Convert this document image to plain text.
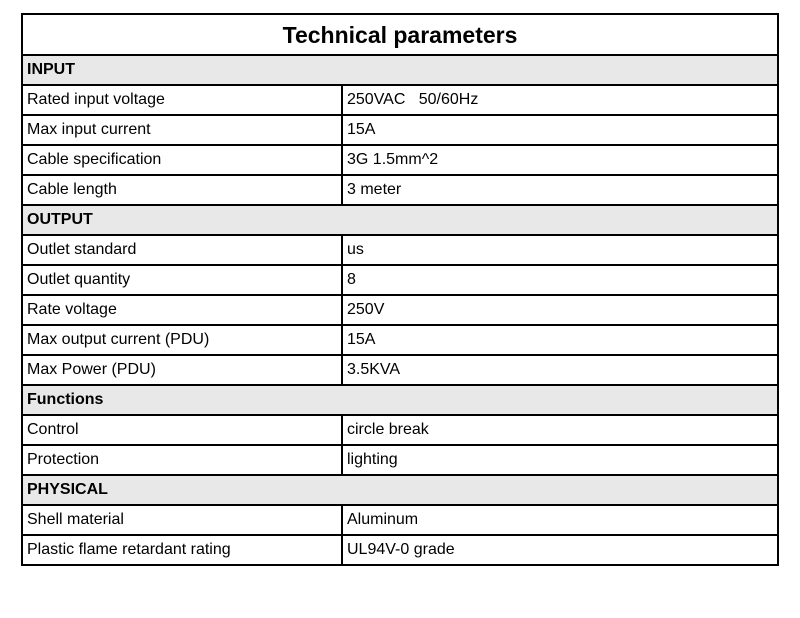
Technical parameters	
INPUT	
Rated input voltage	250VAC   50/60Hz
Max input current	15A
Cable specification	3G 1.5mm^2
Cable length	3 meter
OUTPUT	
Outlet standard	us
Outlet quantity	8
Rate voltage	250V
Max output current (PDU)	15A
Max Power (PDU)	3.5KVA
Functions	
Control	circle break
Protection	lighting
PHYSICAL	
Shell material	Aluminum
Plastic flame retardant rating	UL94V-0 grade
